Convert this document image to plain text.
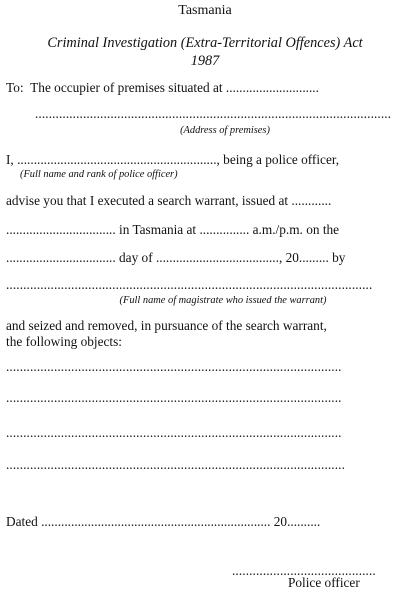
Tasmania
Criminal Investigation (Extra-Territorial Offences) Act
1987
To:  The occupier of premises situated at ............................
........................................................................................................
(Address of premises)
I, ............................................................, being a police officer,
(Full name and rank of police officer)
advise you that I executed a search warrant, issued at ............
................................. in Tasmania at ............... a.m./p.m. on the
................................. day of ....................................., 20......... by
...........................................................................................................
(Full name of magistrate who issued the warrant)
and seized and removed, in pursuance of the search warrant,
the following objects:
..................................................................................................
..................................................................................................
..................................................................................................
...................................................................................................
Dated ..................................................................... 20..........
..........................................
Police officer
